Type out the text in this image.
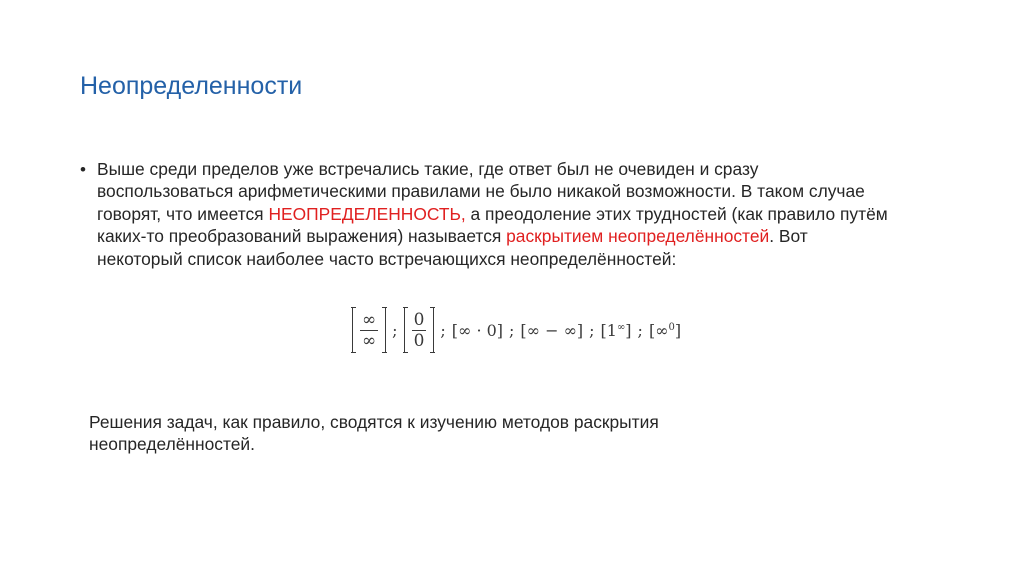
Неопределенности
• Выше среди пределов уже встречались такие, где ответ был не очевиден и сразу воспользоваться арифметическими правилами не было никакой возможности. В таком случае говорят, что имеется НЕОПРЕДЕЛЕННОСТЬ, а преодоление этих трудностей (как правило путём каких-то преобразований выражения) называется раскрытием неопределённостей. Вот некоторый список наиболее часто встречающихся неопределённостей:
$\frac{\infty}{\infty}$ ; $\frac{0}{0}$ ; [∞ · 0] ; [∞ − ∞] ; [1∞ ] ; [∞$^0$ ]
Решения задач, как правило, сводятся к изучению методов раскрытия неопределённостей.
